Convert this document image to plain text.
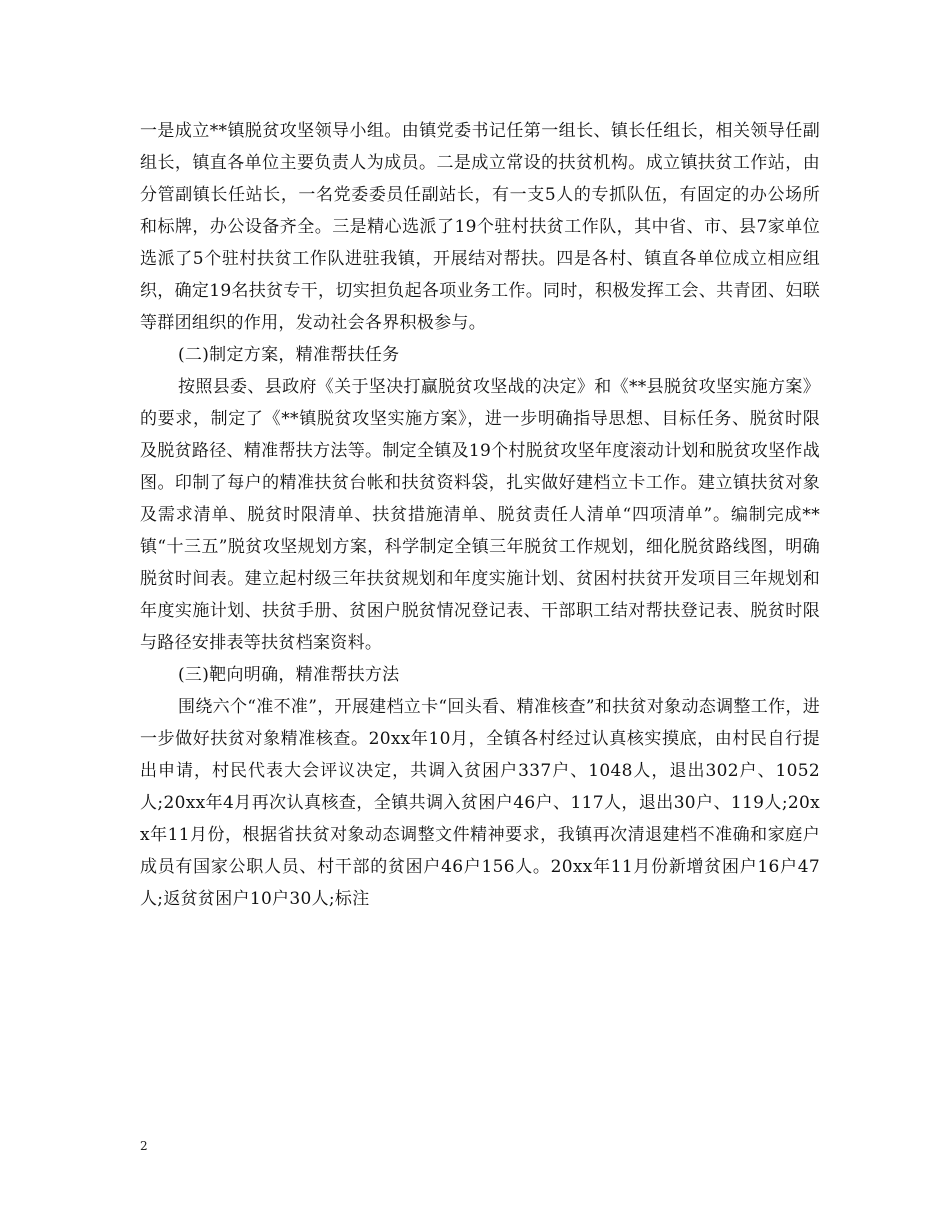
一是成立**镇脱贫攻坚领导小组。由镇党委书记任第一组长、镇长任组长，相关领导任副组长，镇直各单位主要负责人为成员。二是成立常设的扶贫机构。成立镇扶贫工作站，由分管副镇长任站长，一名党委委员任副站长，有一支5人的专抓队伍，有固定的办公场所和标牌，办公设备齐全。三是精心选派了19个驻村扶贫工作队，其中省、市、县7家单位选派了5个驻村扶贫工作队进驻我镇，开展结对帮扶。四是各村、镇直各单位成立相应组织，确定19名扶贫专干，切实担负起各项业务工作。同时，积极发挥工会、共青团、妇联等群团组织的作用，发动社会各界积极参与。

(二)制定方案，精准帮扶任务

按照县委、县政府《关于坚决打赢脱贫攻坚战的决定》和《**县脱贫攻坚实施方案》的要求，制定了《**镇脱贫攻坚实施方案》，进一步明确指导思想、目标任务、脱贫时限及脱贫路径、精准帮扶方法等。制定全镇及19个村脱贫攻坚年度滚动计划和脱贫攻坚作战图。印制了每户的精准扶贫台帐和扶贫资料袋，扎实做好建档立卡工作。建立镇扶贫对象及需求清单、脱贫时限清单、扶贫措施清单、脱贫责任人清单“四项清单”。编制完成**镇“十三五”脱贫攻坚规划方案，科学制定全镇三年脱贫工作规划，细化脱贫路线图，明确脱贫时间表。建立起村级三年扶贫规划和年度实施计划、贫困村扶贫开发项目三年规划和年度实施计划、扶贫手册、贫困户脱贫情况登记表、干部职工结对帮扶登记表、脱贫时限与路径安排表等扶贫档案资料。

(三)靶向明确，精准帮扶方法

围绕六个“准不准”，开展建档立卡“回头看、精准核查”和扶贫对象动态调整工作，进一步做好扶贫对象精准核查。20xx年10月，全镇各村经过认真核实摸底，由村民自行提出申请，村民代表大会评议决定，共调入贫困户337户、1048人，退出302户、1052人;20xx年4月再次认真核查，全镇共调入贫困户46户、117人，退出30户、119人;20xx年11月份，根据省扶贫对象动态调整文件精神要求，我镇再次清退建档不准确和家庭户成员有国家公职人员、村干部的贫困户46户156人。20xx年11月份新增贫困户16户47人;返贫贫困户10户30人;标注

2
